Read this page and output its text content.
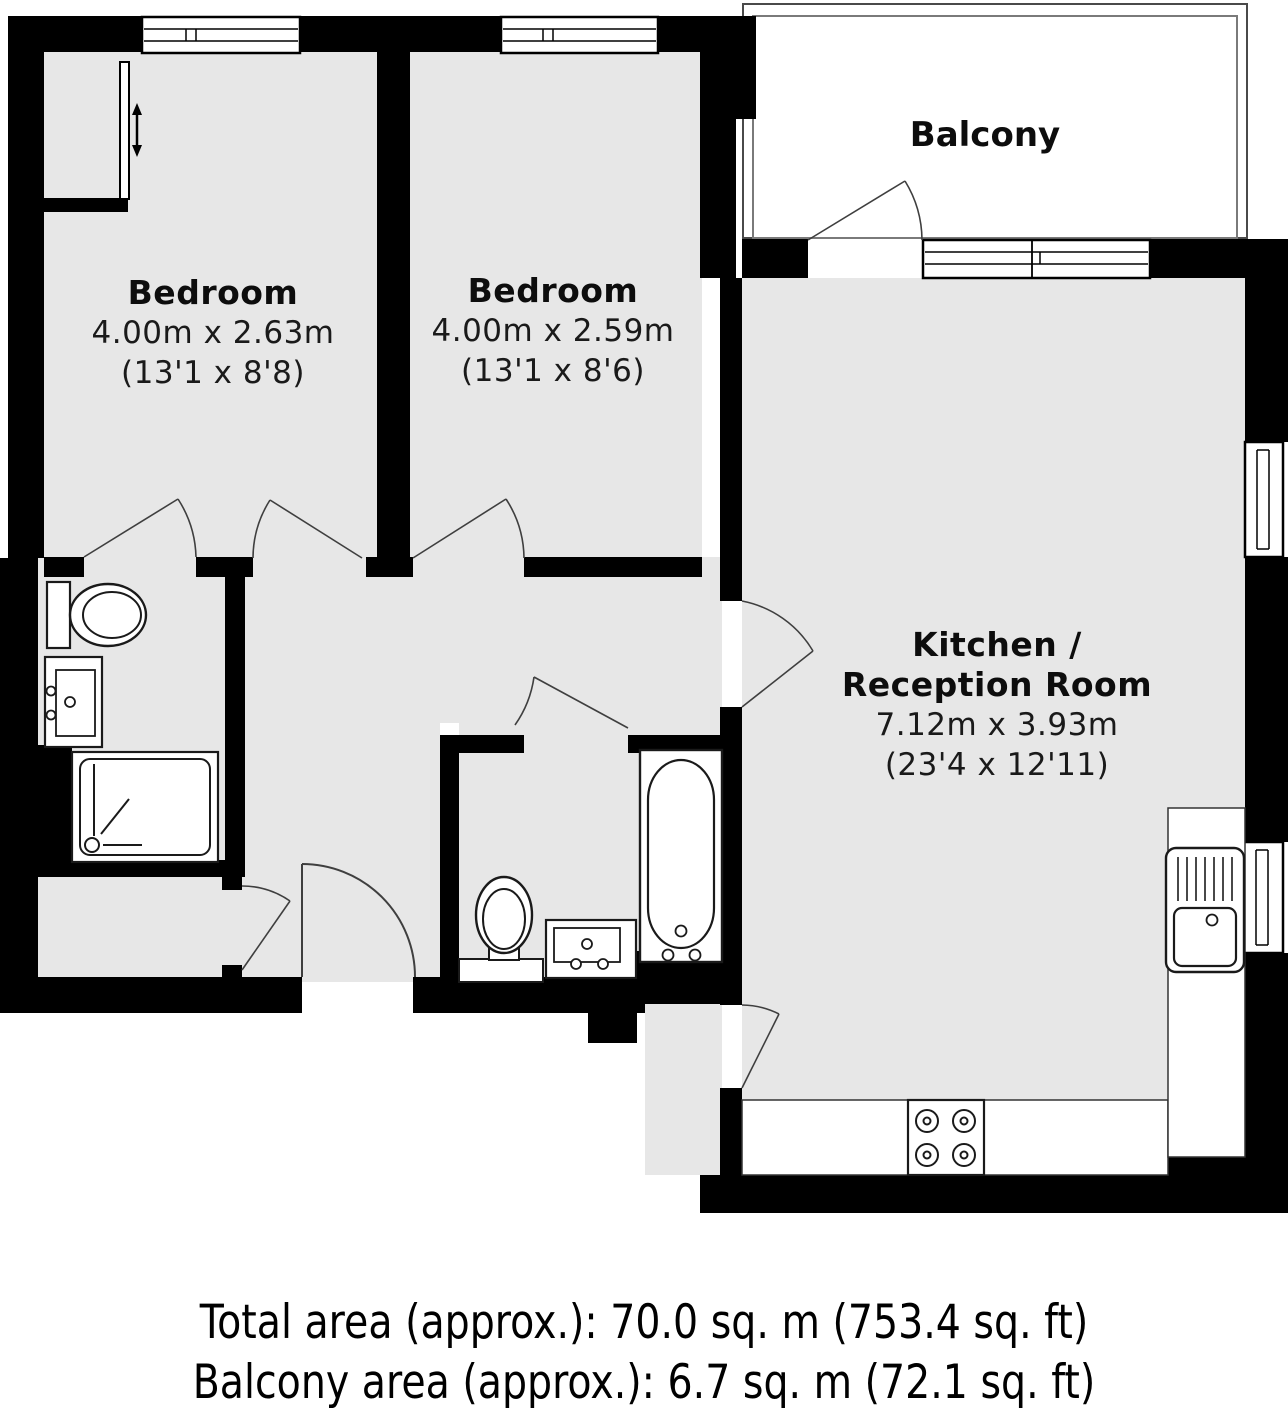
Bedroom
4.00m x 2.63m
(13'1 x 8'8)
Bedroom
4.00m x 2.59m
(13'1 x 8'6)
Kitchen /
Reception Room
7.12m x 3.93m
(23'4 x 12'11)
Balcony
Total area (approx.): 70.0 sq. m (753.4 sq. ft)
Balcony area (approx.): 6.7 sq. m (72.1 sq. ft)
